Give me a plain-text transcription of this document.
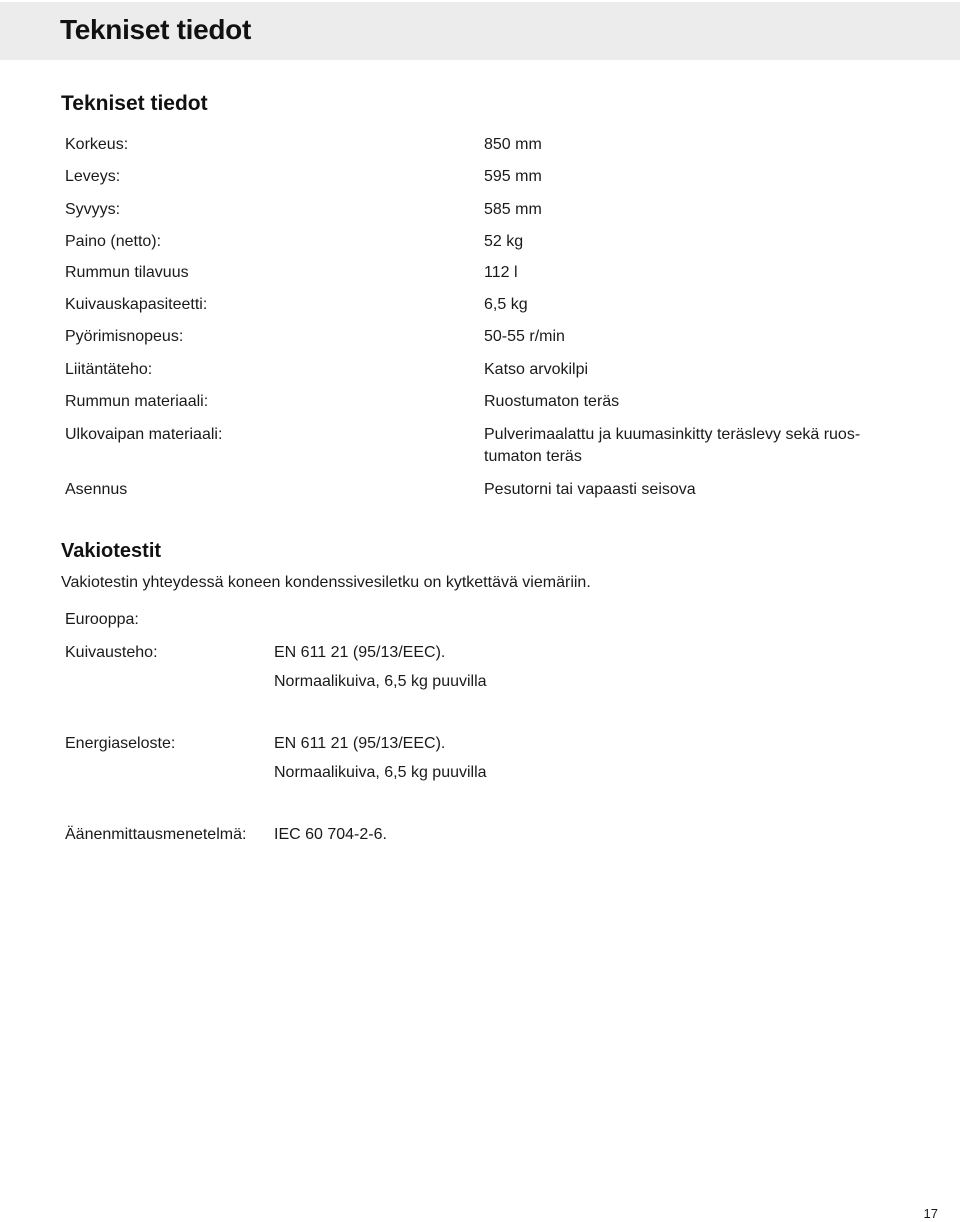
Tekniset tiedot
Tekniset tiedot
Korkeus:	850 mm
Leveys:	595 mm
Syvyys:	585 mm
Paino (netto):	52 kg
Rummun tilavuus	112 l
Kuivauskapasiteetti:	6,5 kg
Pyörimisnopeus:	50-55 r/min
Liitäntäteho:	Katso arvokilpi
Rummun materiaali:	Ruostumaton teräs
Ulkovaipan materiaali:	Pulverimaalattu ja kuumasinkitty teräslevy sekä ruos-
tumaton teräs
Asennus	Pesutorni tai vapaasti seisova
Vakiotestit
Vakiotestin yhteydessä koneen kondenssivesiletku on kytkettävä viemäriin.
Eurooppa:
Kuivausteho:	EN 611 21 (95/13/EEC).
Normaalikuiva, 6,5 kg puuvilla
Energiaseloste:	EN 611 21 (95/13/EEC).
Normaalikuiva, 6,5 kg puuvilla
Äänenmittausmenetelmä: IEC 60 704-2-6.
17
